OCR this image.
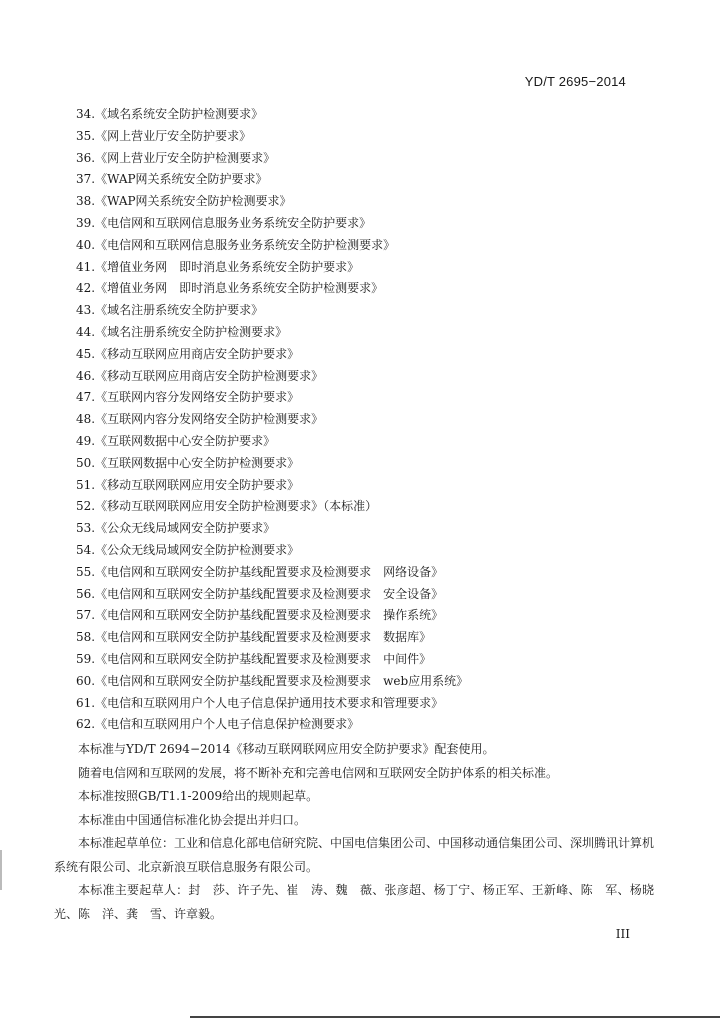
YD/T 2695−2014
34.《域名系统安全防护检测要求》
35.《网上营业厅安全防护要求》
36.《网上营业厅安全防护检测要求》
37.《WAP网关系统安全防护要求》
38.《WAP网关系统安全防护检测要求》
39.《电信网和互联网信息服务业务系统安全防护要求》
40.《电信网和互联网信息服务业务系统安全防护检测要求》
41.《增值业务网　即时消息业务系统安全防护要求》
42.《增值业务网　即时消息业务系统安全防护检测要求》
43.《域名注册系统安全防护要求》
44.《域名注册系统安全防护检测要求》
45.《移动互联网应用商店安全防护要求》
46.《移动互联网应用商店安全防护检测要求》
47.《互联网内容分发网络安全防护要求》
48.《互联网内容分发网络安全防护检测要求》
49.《互联网数据中心安全防护要求》
50.《互联网数据中心安全防护检测要求》
51.《移动互联网联网应用安全防护要求》
52.《移动互联网联网应用安全防护检测要求》（本标准）
53.《公众无线局域网安全防护要求》
54.《公众无线局域网安全防护检测要求》
55.《电信网和互联网安全防护基线配置要求及检测要求　网络设备》
56.《电信网和互联网安全防护基线配置要求及检测要求　安全设备》
57.《电信网和互联网安全防护基线配置要求及检测要求　操作系统》
58.《电信网和互联网安全防护基线配置要求及检测要求　数据库》
59.《电信网和互联网安全防护基线配置要求及检测要求　中间件》
60.《电信网和互联网安全防护基线配置要求及检测要求　web应用系统》
61.《电信和互联网用户个人电子信息保护通用技术要求和管理要求》
62.《电信和互联网用户个人电子信息保护检测要求》
本标准与YD/T 2694−2014《移动互联网联网应用安全防护要求》配套使用。
随着电信网和互联网的发展，将不断补充和完善电信网和互联网安全防护体系的相关标准。
本标准按照GB/T1.1-2009给出的规则起草。
本标准由中国通信标准化协会提出并归口。
本标准起草单位：工业和信息化部电信研究院、中国电信集团公司、中国移动通信集团公司、深圳腾讯计算机系统有限公司、北京新浪互联信息服务有限公司。
本标准主要起草人：封　莎、许子先、崔　涛、魏　薇、张彦超、杨丁宁、杨正军、王新峰、陈　军、杨晓光、陈　洋、龚　雪、许章毅。
III
